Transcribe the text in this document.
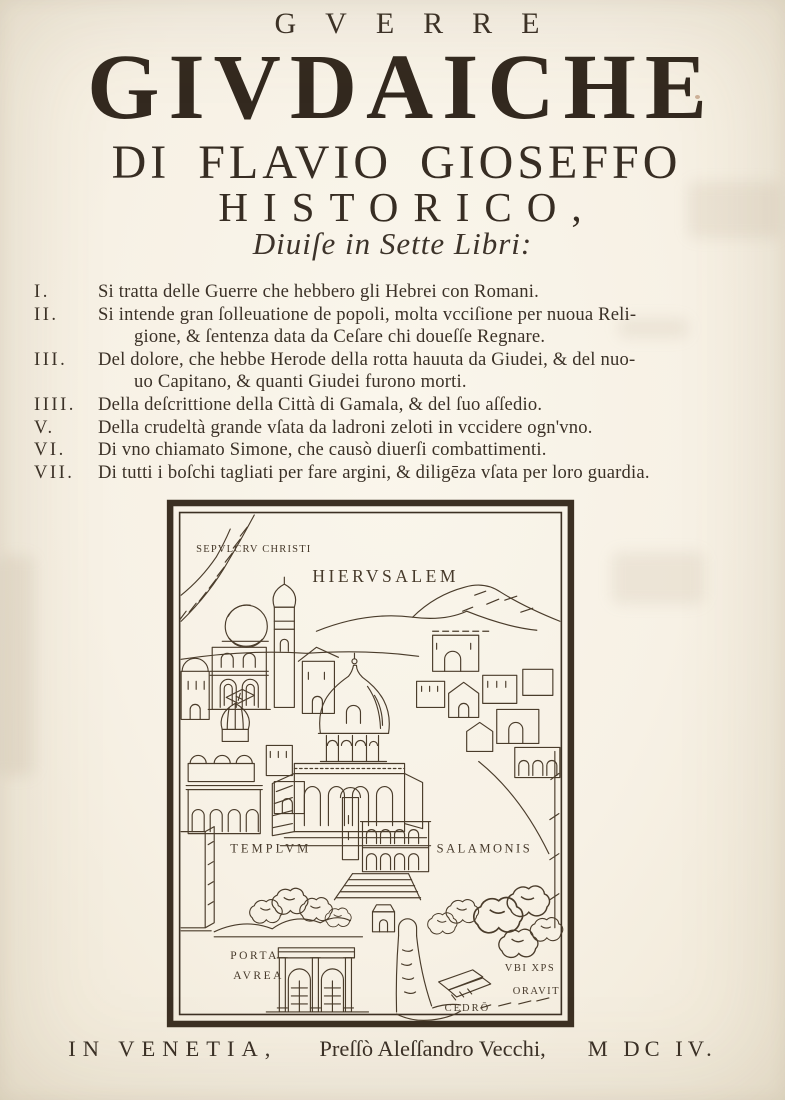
GVERRE
GIVDAICHE
DI FLAVIO GIOSEFFO
HISTORICO,
Diuiſe in Sette Libri:
I.	Si tratta delle Guerre che hebbero gli Hebrei con Romani.
II.	Si intende gran ſolleuatione de popoli, molta vcciſione per nuoua Reli-
gione, & ſentenza data da Ceſare chi doueſſe Regnare.
III.	Del dolore, che hebbe Herode della rotta hauuta da Giudei, & del nuo-
uo Capitano, & quanti Giudei furono morti.
IIII.	Della deſcrittione della Città di Gamala, & del ſuo aſſedio.
V.	Della crudeltà grande vſata da ladroni zeloti in vccidere ogn'vno.
VI.	Di vno chiamato Simone, che causò diuerſi combattimenti.
VII.	Di tutti i boſchi tagliati per fare argini, & diligēza vſata per loro guardia.
SEPVLCRV CHRISTI
HIERVSALEM
TEMPLVM	SALAMONIS
PORTA
AVREA
VBI XPS
ORAVIT
CEDRŌ
IN VENETIA, Preſſò Aleſſandro Vecchi, M DC IV.
